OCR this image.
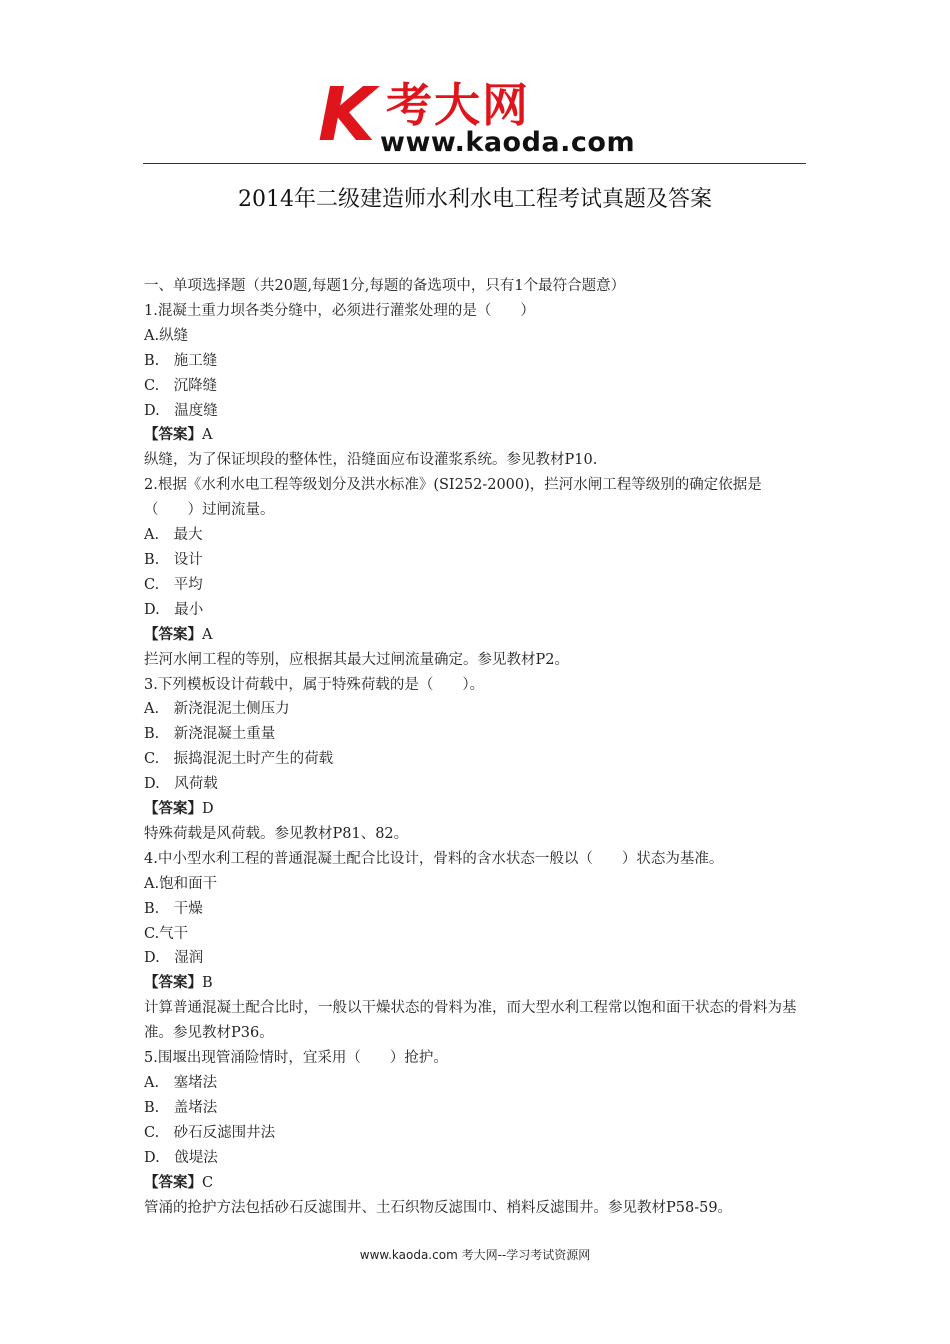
K 考大网
www.kaoda.com
2014年二级建造师水利水电工程考试真题及答案
一、单项选择题（共20题,每题1分,每题的备选项中，只有1个最符合题意）
1.混凝土重力坝各类分缝中，必须进行灌浆处理的是（　　）
A.纵缝
B.　施工缝
C.　沉降缝
D.　温度缝
【答案】A
纵缝，为了保证坝段的整体性，沿缝面应布设灌浆系统。参见教材P10.
2.根据《水利水电工程等级划分及洪水标准》(SI252-2000)，拦河水闸工程等级别的确定依据是（　　）过闸流量。
A.　最大
B.　设计
C.　平均
D.　最小
【答案】A
拦河水闸工程的等别，应根据其最大过闸流量确定。参见教材P2。
3.下列模板设计荷载中，属于特殊荷载的是（　　）。
A.　新浇混泥土侧压力
B.　新浇混凝土重量
C.　振捣混泥土时产生的荷载
D.　风荷载
【答案】D
特殊荷载是风荷载。参见教材P81、82。
4.中小型水利工程的普通混凝土配合比设计，骨料的含水状态一般以（　　）状态为基准。
A.饱和面干
B.　干燥
C.气干
D.　湿润
【答案】B
计算普通混凝土配合比时，一般以干燥状态的骨料为准，而大型水利工程常以饱和面干状态的骨料为基准。参见教材P36。
5.围堰出现管涌险情时，宜采用（　　）抢护。
A.　塞堵法
B.　盖堵法
C.　砂石反滤围井法
D.　戗堤法
【答案】C
管涌的抢护方法包括砂石反滤围井、土石织物反滤围巾、梢料反滤围井。参见教材P58-59。
www.kaoda.com 考大网--学习考试资源网
